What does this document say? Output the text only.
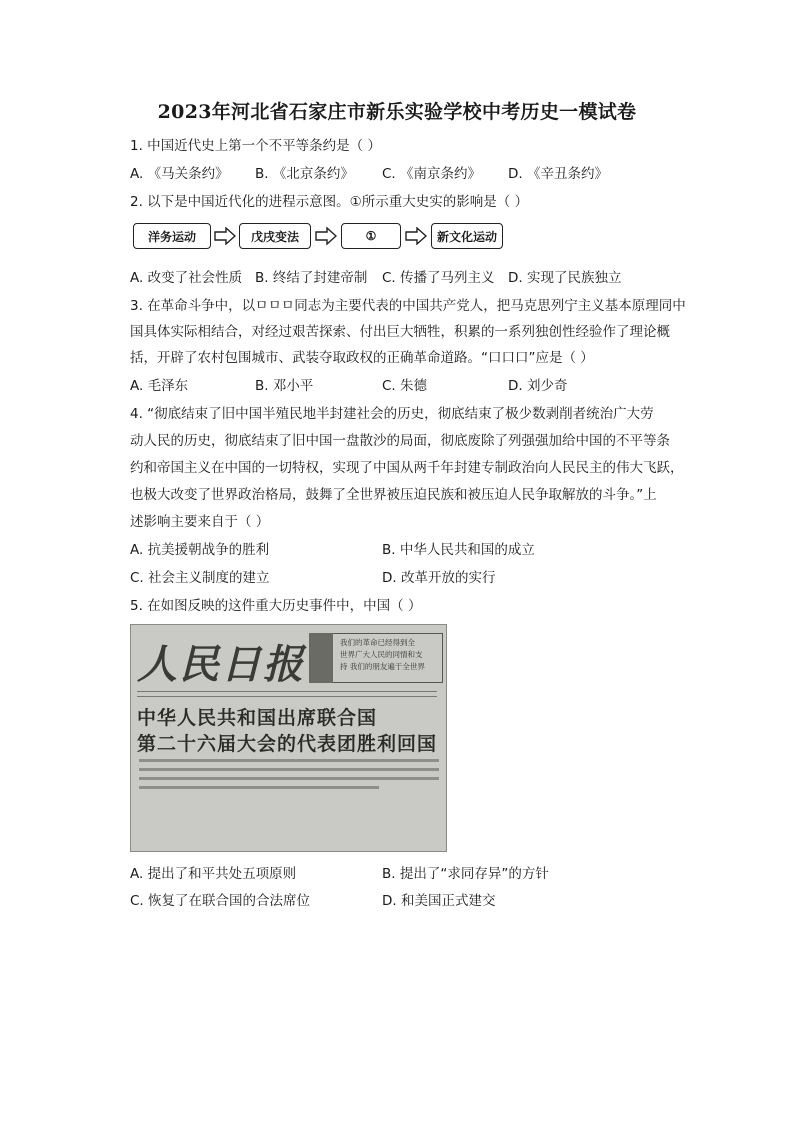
2023年河北省石家庄市新乐实验学校中考历史一模试卷
1. 中国近代史上第一个不平等条约是（ ）
A. 《马关条约》 B. 《北京条约》 C. 《南京条约》 D. 《辛丑条约》
2. 以下是中国近代化的进程示意图。①所示重大史实的影响是（ ）
洋务运动	戊戌变法	①	新文化运动
A. 改变了社会性质 B. 终结了封建帝制 C. 传播了马列主义 D. 实现了民族独立
3. 在革命斗争中，以ㅁㅁㅁ同志为主要代表的中国共产党人，把马克思列宁主义基本原理同中
国具体实际相结合，对经过艰苦探索、付出巨大牺牲，积累的一系列独创性经验作了理论概
括，开辟了农村包围城市、武装夺取政权的正确革命道路。“口口口”应是（ ）
A. 毛泽东	B. 邓小平	C. 朱德	D. 刘少奇
4. “彻底结束了旧中国半殖民地半封建社会的历史，彻底结束了极少数剥削者统治广大劳
动人民的历史，彻底结束了旧中国一盘散沙的局面，彻底废除了列强强加给中国的不平等条
约和帝国主义在中国的一切特权，实现了中国从两千年封建专制政治向人民民主的伟大飞跃，
也极大改变了世界政治格局，鼓舞了全世界被压迫民族和被压迫人民争取解放的斗争。”上
述影响主要来自于（ ）
A. 抗美援朝战争的胜利	B. 中华人民共和国的成立
C. 社会主义制度的建立	D. 改革开放的实行
5. 在如图反映的这件重大历史事件中，中国（ ）
人民日报	我们的革命已经得到全
世界广大人民的同情和支
持 我们的朋友遍于全世界
中华人民共和国出席联合国
第二十六届大会的代表团胜利回国
A. 提出了和平共处五项原则	B. 提出了“求同存异”的方针
C. 恢复了在联合国的合法席位	D. 和美国正式建交
